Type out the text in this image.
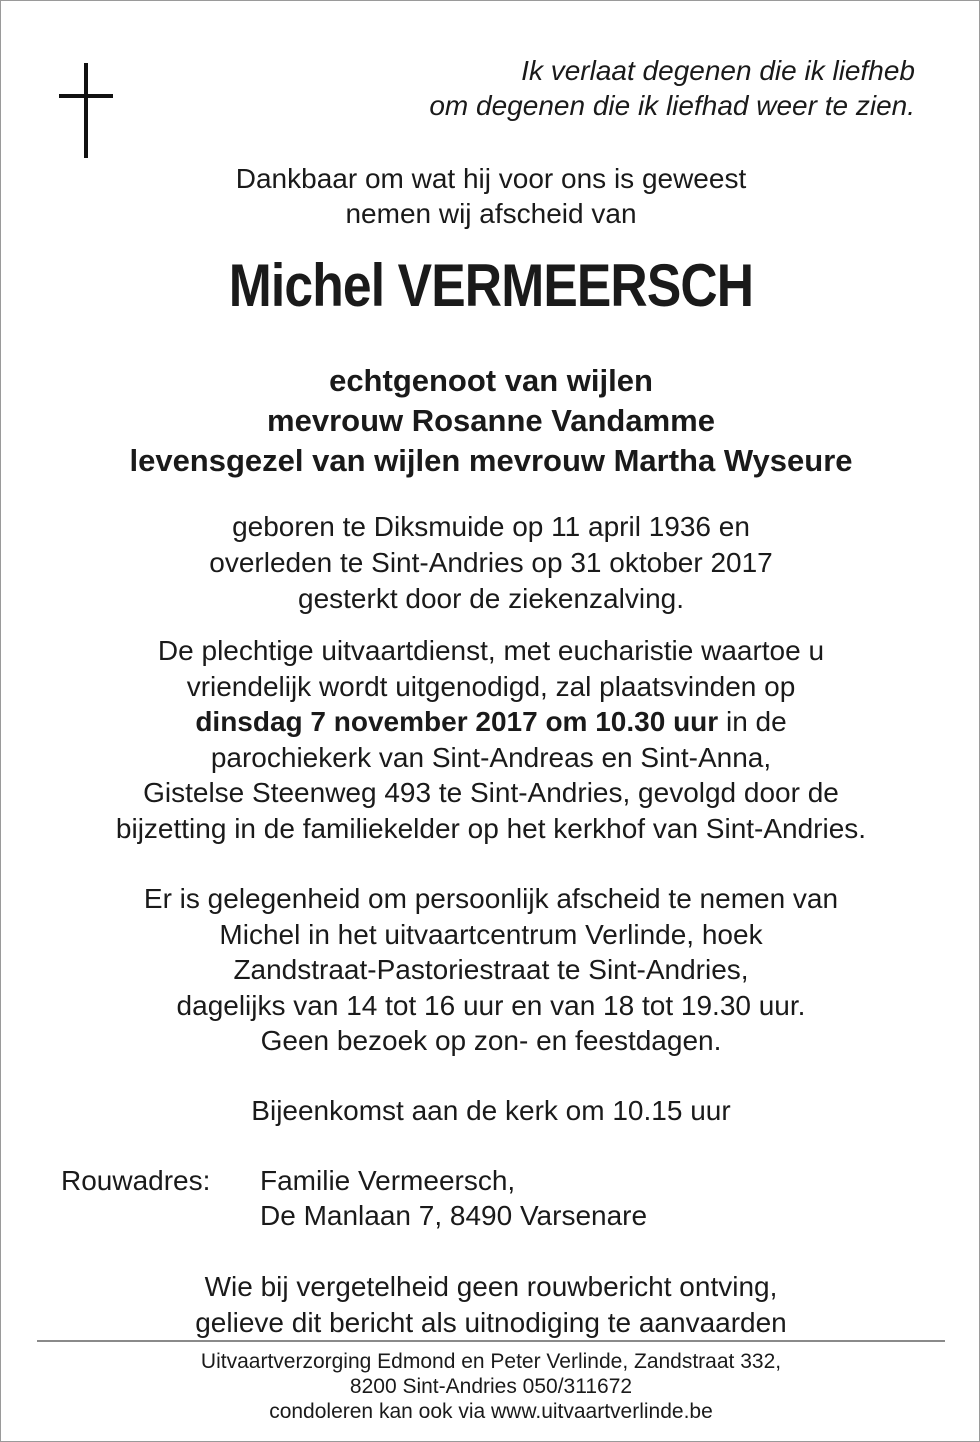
Ik verlaat degenen die ik liefheb
om degenen die ik liefhad weer te zien.
Dankbaar om wat hij voor ons is geweest
nemen wij afscheid van
Michel VERMEERSCH
echtgenoot van wijlen
mevrouw Rosanne Vandamme
levensgezel van wijlen mevrouw Martha Wyseure
geboren te Diksmuide op 11 april 1936 en
overleden te Sint-Andries op 31 oktober 2017
gesterkt door de ziekenzalving.
De plechtige uitvaartdienst, met eucharistie waartoe u
vriendelijk wordt uitgenodigd, zal plaatsvinden op
dinsdag 7 november 2017 om 10.30 uur in de
parochiekerk van Sint-Andreas en Sint-Anna,
Gistelse Steenweg 493 te Sint-Andries, gevolgd door de
bijzetting in de familiekelder op het kerkhof van Sint-Andries.
Er is gelegenheid om persoonlijk afscheid te nemen van
Michel in het uitvaartcentrum Verlinde, hoek
Zandstraat-Pastoriestraat te Sint-Andries,
dagelijks van 14 tot 16 uur en van 18 tot 19.30 uur.
Geen bezoek op zon- en feestdagen.
Bijeenkomst aan de kerk om 10.15 uur
Rouwadres: Familie Vermeersch,
De Manlaan 7, 8490 Varsenare
Wie bij vergetelheid geen rouwbericht ontving,
gelieve dit bericht als uitnodiging te aanvaarden
Uitvaartverzorging Edmond en Peter Verlinde, Zandstraat 332,
8200 Sint-Andries 050/311672
condoleren kan ook via www.uitvaartverlinde.be
